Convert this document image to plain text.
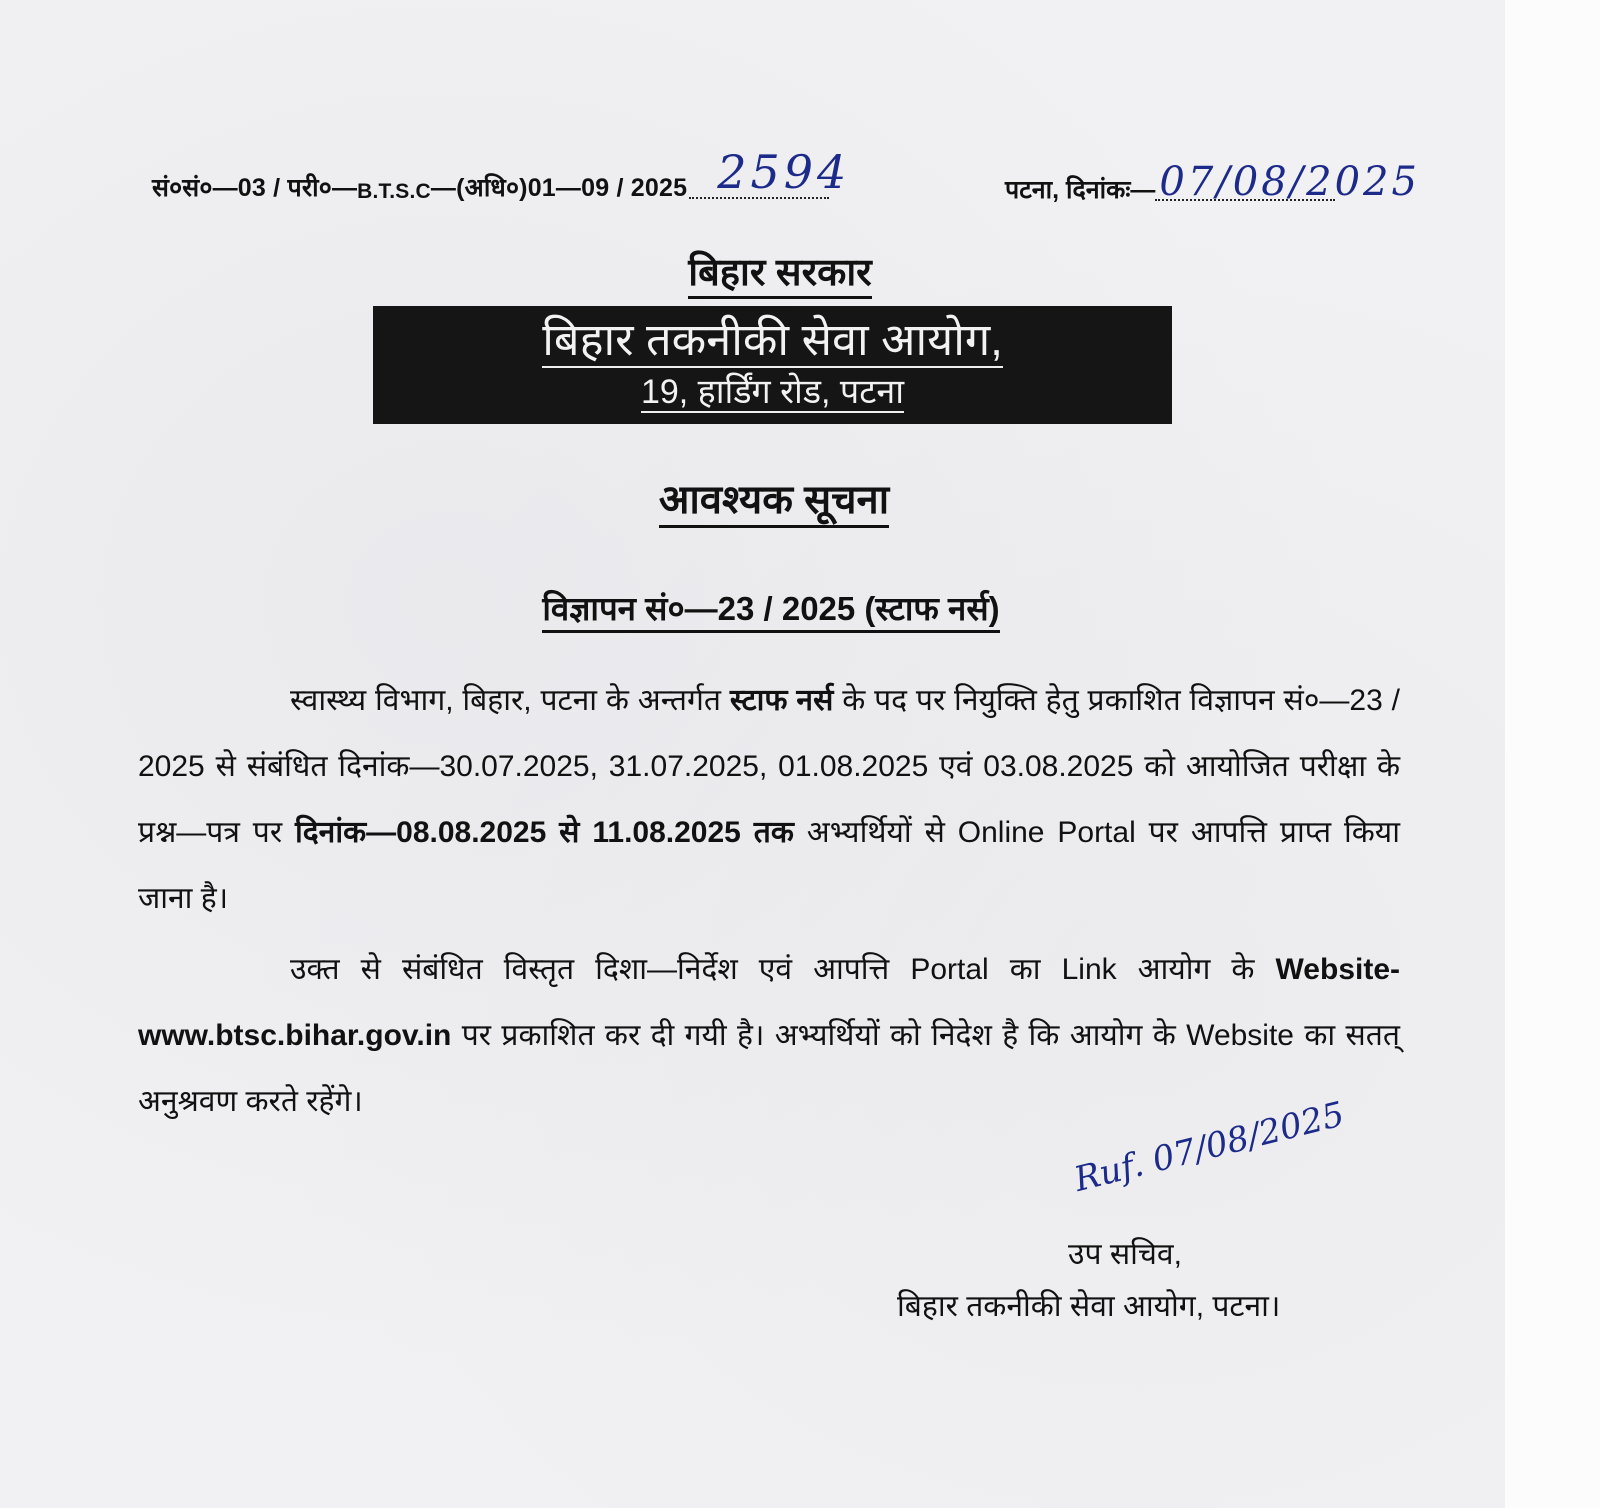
सं०सं०—03 / परी०— B.T.S.C —(अधि०)01—09 / 2025 2594	पटना, दिनांकः— 07/08/2025
बिहार सरकार
बिहार तकनीकी सेवा आयोग,
19, हार्डिंग रोड, पटना
आवश्यक सूचना
विज्ञापन सं०—23 / 2025 (स्टाफ नर्स)
स्वास्थ्य विभाग, बिहार, पटना के अन्तर्गत स्टाफ नर्स के पद पर नियुक्ति हेतु प्रकाशित विज्ञापन सं०—23 / 2025 से संबंधित दिनांक—30.07.2025, 31.07.2025, 01.08.2025 एवं 03.08.2025 को आयोजित परीक्षा के प्रश्न—पत्र पर दिनांक—08.08.2025 से 11.08.2025 तक अभ्यर्थियों से Online Portal पर आपत्ति प्राप्त किया जाना है।
उक्त से संबंधित विस्तृत दिशा—निर्देश एवं आपत्ति Portal का Link आयोग के Website- www.btsc.bihar.gov.in पर प्रकाशित कर दी गयी है। अभ्यर्थियों को निदेश है कि आयोग के Website का सतत् अनुश्रवण करते रहेंगे।	Ruf. 07/08/2025
उप सचिव,
बिहार तकनीकी सेवा आयोग, पटना।
